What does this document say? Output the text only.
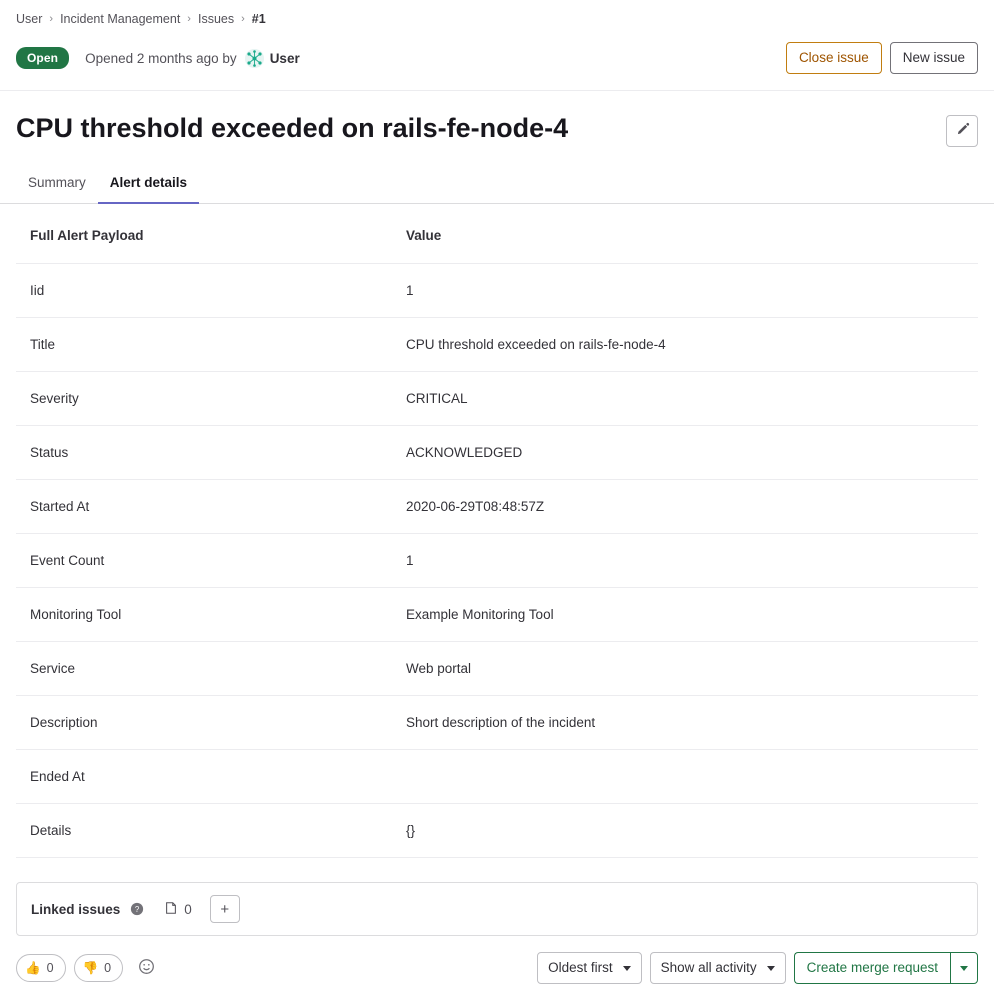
User › Incident Management › Issues › #1
Open	Opened 2 months ago by User	Close issue	New issue
CPU threshold exceeded on rails-fe-node-4
Summary	Alert details
Full Alert Payload	Value
Iid	1
Title	CPU threshold exceeded on rails-fe-node-4
Severity	CRITICAL
Status	ACKNOWLEDGED
Started At	2020-06-29T08:48:57Z
Event Count	1
Monitoring Tool	Example Monitoring Tool
Service	Web portal
Description	Short description of the incident
Ended At	
Details	{}
Linked issues ?	0	+
👍 0 👎 0	Oldest first	Show all activity	Create merge request
